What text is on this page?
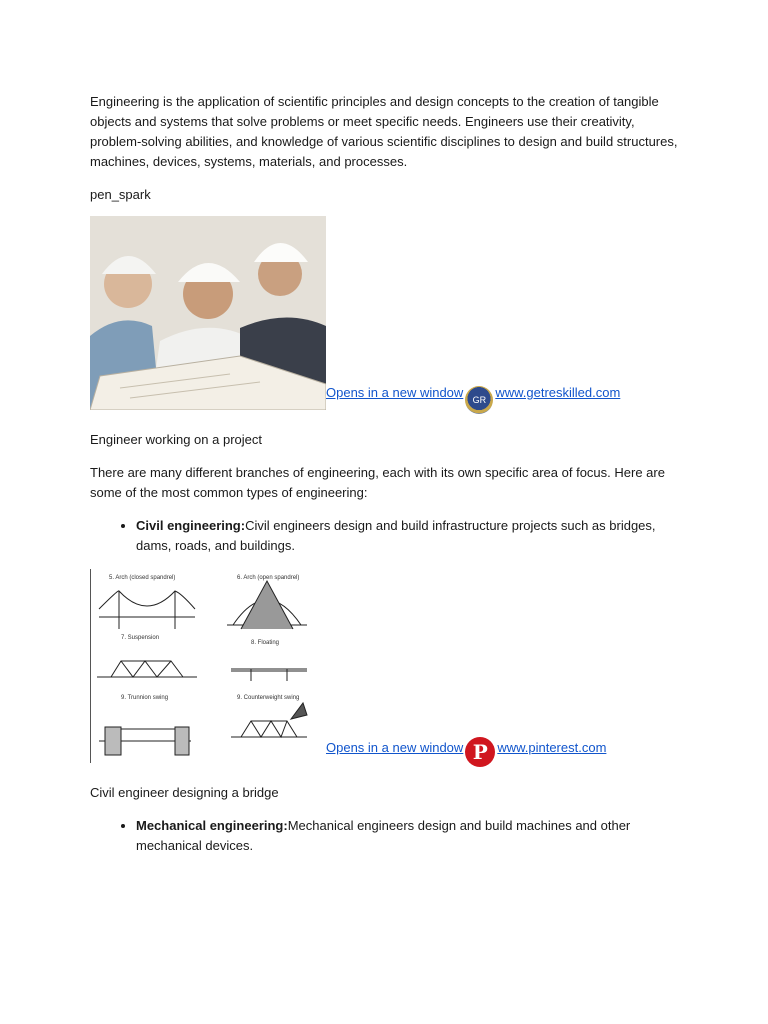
Engineering is the application of scientific principles and design concepts to the creation of tangible objects and systems that solve problems or meet specific needs. Engineers use their creativity, problem-solving abilities, and knowledge of various scientific disciplines to design and build structures, machines, devices, systems, materials, and processes.

pen_spark

Opens in a new window GR www.getreskilled.com

Engineer working on a project

There are many different branches of engineering, each with its own specific area of focus. Here are some of the most common types of engineering:

• Civil engineering:Civil engineers design and build infrastructure projects such as bridges, dams, roads, and buildings.
5. Arch (closed spandrel)	6. Arch (open spandrel)
7. Suspension
8. Floating
9. Trunnion swing	9. Counterweight swing
Opens in a new window P www.pinterest.com

Civil engineer designing a bridge

• Mechanical engineering:Mechanical engineers design and build machines and other mechanical devices.
